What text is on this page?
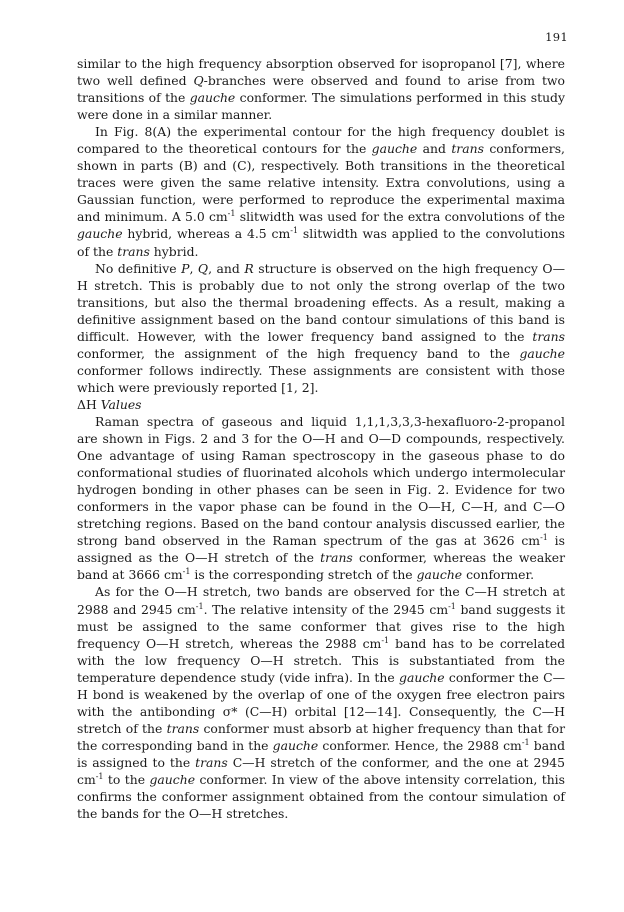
191

similar to the high frequency absorption observed for isopropanol [7], where two well defined Q-branches were observed and found to arise from two transitions of the gauche conformer. The simulations performed in this study were done in a similar manner.

In Fig. 8(A) the experimental contour for the high frequency doublet is compared to the theoretical contours for the gauche and trans conformers, shown in parts (B) and (C), respectively. Both transitions in the theoretical traces were given the same relative intensity. Extra convolutions, using a Gaussian function, were performed to reproduce the experimental maxima and minimum. A 5.0 $cm^{-1}$ slitwidth was used for the extra convolutions of the gauche hybrid, whereas a 4.5 $cm^{-1}$ slitwidth was applied to the convolutions of the trans hybrid.

No definitive P, Q, and R structure is observed on the high frequency O—H stretch. This is probably due to not only the strong overlap of the two transitions, but also the thermal broadening effects. As a result, making a definitive assignment based on the band contour simulations of this band is difficult. However, with the lower frequency band assigned to the trans conformer, the assignment of the high frequency band to the gauche conformer follows indirectly. These assignments are consistent with those which were previously reported [1, 2].

ΔH Values

Raman spectra of gaseous and liquid 1,1,1,3,3,3-hexafluoro-2-propanol are shown in Figs. 2 and 3 for the O—H and O—D compounds, respectively. One advantage of using Raman spectroscopy in the gaseous phase to do conformational studies of fluorinated alcohols which undergo intermolecular hydrogen bonding in other phases can be seen in Fig. 2. Evidence for two conformers in the vapor phase can be found in the O—H, C—H, and C—O stretching regions. Based on the band contour analysis discussed earlier, the strong band observed in the Raman spectrum of the gas at 3626 $cm^{-1}$ is assigned as the O—H stretch of the trans conformer, whereas the weaker band at 3666 $cm^{-1}$ is the corresponding stretch of the gauche conformer.

As for the O—H stretch, two bands are observed for the C—H stretch at 2988 and 2945 $cm^{-1}$. The relative intensity of the 2945 $cm^{-1}$ band suggests it must be assigned to the same conformer that gives rise to the high frequency O—H stretch, whereas the 2988 $cm^{-1}$ band has to be correlated with the low frequency O—H stretch. This is substantiated from the temperature dependence study (vide infra). In the gauche conformer the C—H bond is weakened by the overlap of one of the oxygen free electron pairs with the antibonding σ* (C—H) orbital [12—14]. Consequently, the C—H stretch of the trans conformer must absorb at higher frequency than that for the corresponding band in the gauche conformer. Hence, the 2988 $cm^{-1}$ band is assigned to the trans C—H stretch of the conformer, and the one at 2945 $cm^{-1}$ to the gauche conformer. In view of the above intensity correlation, this confirms the conformer assignment obtained from the contour simulation of the bands for the O—H stretches.
